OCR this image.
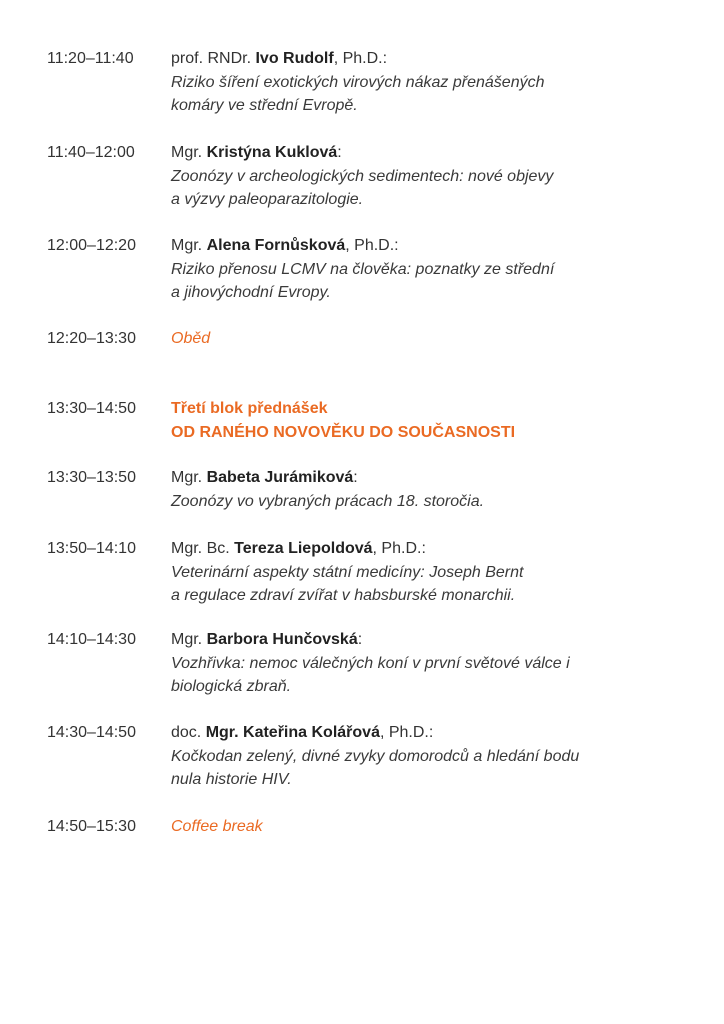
11:20–11:40 prof. RNDr. Ivo Rudolf, Ph.D.:
Riziko šíření exotických virových nákaz přenášených
komáry ve střední Evropě.
11:40–12:00 Mgr. Kristýna Kuklová:
Zoonózy v archeologických sedimentech: nové objevy
a výzvy paleoparazitologie.
12:00–12:20 Mgr. Alena Fornůsková, Ph.D.:
Riziko přenosu LCMV na člověka: poznatky ze střední
a jihovýchodní Evropy.
12:20–13:30 Oběd
13:30–14:50 Třetí blok přednášek
OD RANÉHO NOVOVĚKU DO SOUČASNOSTI
13:30–13:50 Mgr. Babeta Jurámiková:
Zoonózy vo vybraných prácach 18. storočia.
13:50–14:10 Mgr. Bc. Tereza Liepoldová, Ph.D.:
Veterinární aspekty státní medicíny: Joseph Bernt
a regulace zdraví zvířat v habsburské monarchii.
14:10–14:30 Mgr. Barbora Hunčovská:
Vozhřivka: nemoc válečných koní v první světové válce i
biologická zbraň.
14:30–14:50 doc. Mgr. Kateřina Kolářová, Ph.D.:
Kočkodan zelený, divné zvyky domorodců a hledání bodu
nula historie HIV.
14:50–15:30 Coffee break
